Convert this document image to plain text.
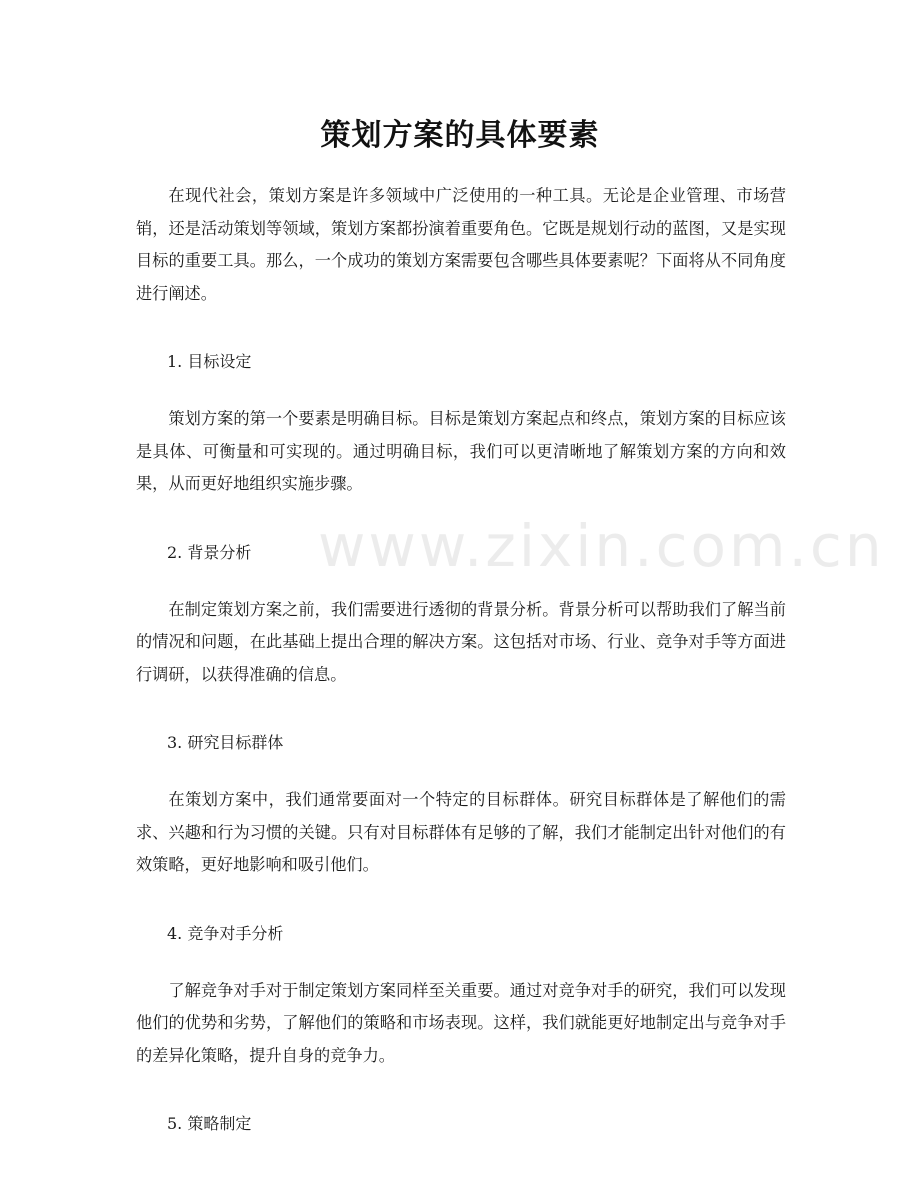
策划方案的具体要素
www.zixin.com.cn

在现代社会，策划方案是许多领域中广泛使用的一种工具。无论是企业管理、市场营销，还是活动策划等领域，策划方案都扮演着重要角色。它既是规划行动的蓝图，又是实现目标的重要工具。那么，一个成功的策划方案需要包含哪些具体要素呢？下面将从不同角度进行阐述。

1. 目标设定

策划方案的第一个要素是明确目标。目标是策划方案起点和终点，策划方案的目标应该是具体、可衡量和可实现的。通过明确目标，我们可以更清晰地了解策划方案的方向和效果，从而更好地组织实施步骤。

2. 背景分析

在制定策划方案之前，我们需要进行透彻的背景分析。背景分析可以帮助我们了解当前的情况和问题，在此基础上提出合理的解决方案。这包括对市场、行业、竞争对手等方面进行调研，以获得准确的信息。

3. 研究目标群体

在策划方案中，我们通常要面对一个特定的目标群体。研究目标群体是了解他们的需求、兴趣和行为习惯的关键。只有对目标群体有足够的了解，我们才能制定出针对他们的有效策略，更好地影响和吸引他们。

4. 竞争对手分析

了解竞争对手对于制定策划方案同样至关重要。通过对竞争对手的研究，我们可以发现他们的优势和劣势，了解他们的策略和市场表现。这样，我们就能更好地制定出与竞争对手的差异化策略，提升自身的竞争力。

5. 策略制定
